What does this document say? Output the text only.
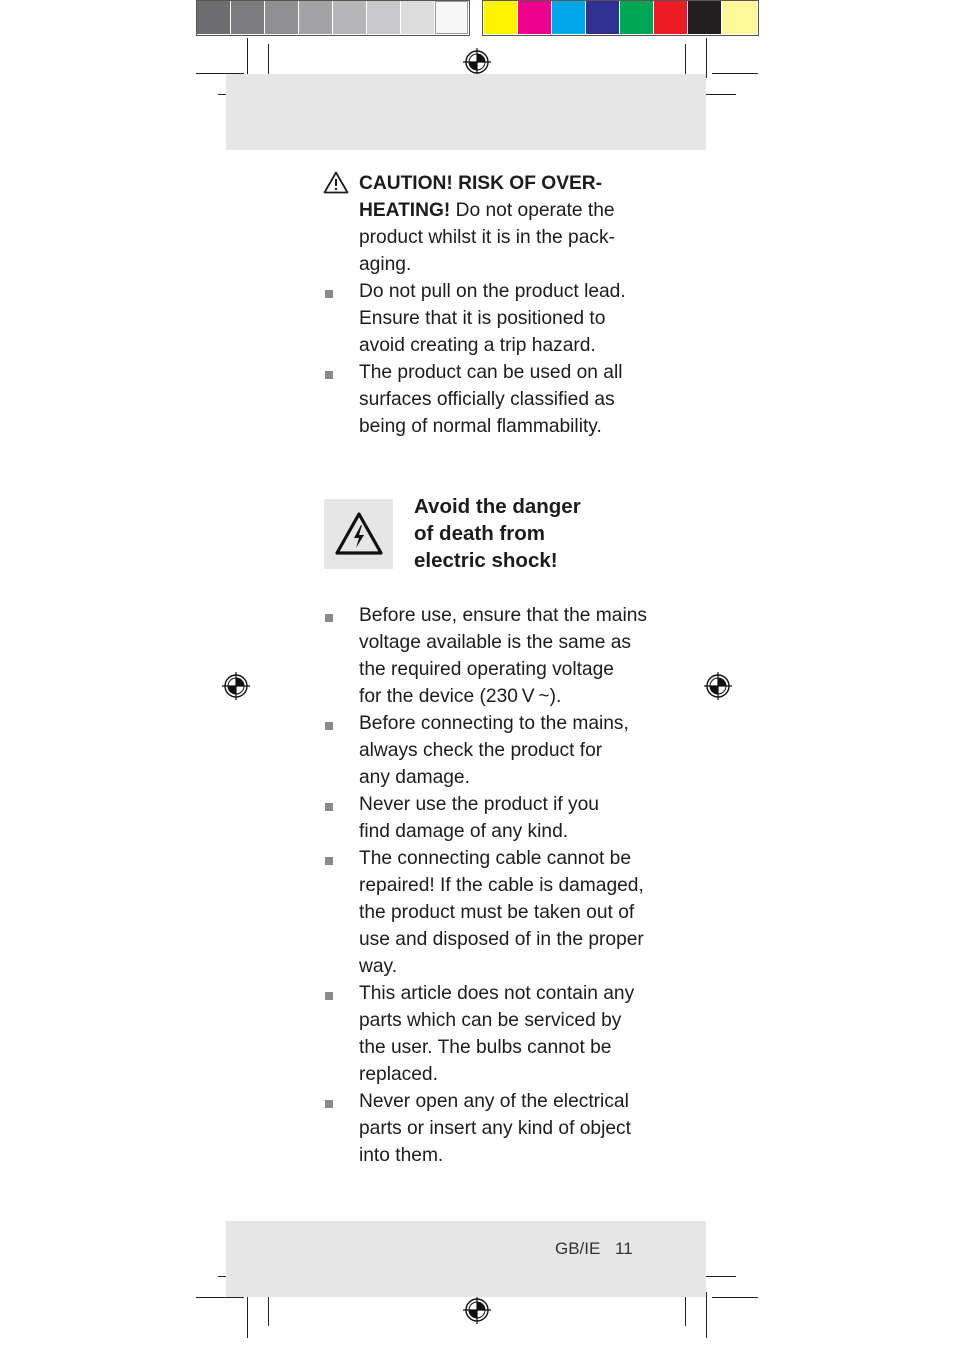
CAUTION! RISK OF OVER-
HEATING! Do not operate the
product whilst it is in the pack-
aging.
Do not pull on the product lead.
Ensure that it is positioned to
avoid creating a trip hazard.
The product can be used on all
surfaces officially classified as
being of normal flammability.
Avoid the danger
of death from
electric shock!
Before use, ensure that the mains
voltage available is the same as
the required operating voltage
for the device (230 V ~).
Before connecting to the mains,
always check the product for
any damage.
Never use the product if you
find damage of any kind.
The connecting cable cannot be
repaired! If the cable is damaged,
the product must be taken out of
use and disposed of in the proper
way.
This article does not contain any
parts which can be serviced by
the user. The bulbs cannot be
replaced.
Never open any of the electrical
parts or insert any kind of object
into them.
GB/IE 11
